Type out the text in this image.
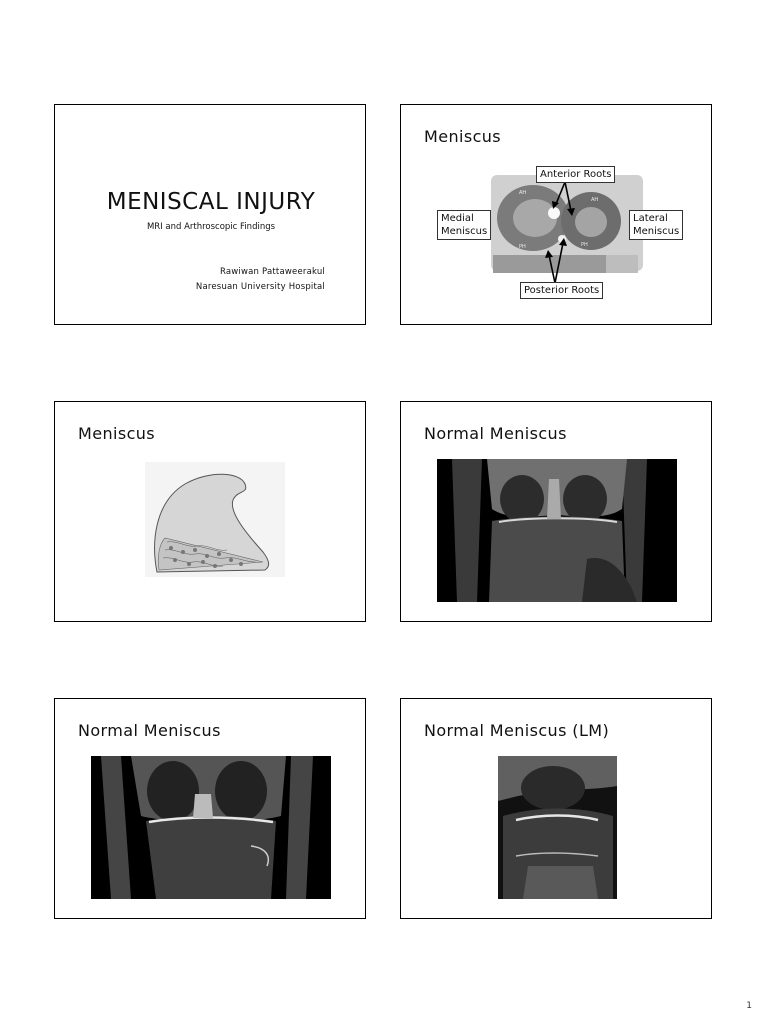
MENISCAL INJURY
MRI and Arthroscopic Findings
Rawiwan Pattaweerakul
Naresuan University Hospital
Meniscus
AH
AH
PH	PH
Anterior Roots
Posterior Roots
Medial
Meniscus
Lateral
Meniscus
Meniscus	Normal Meniscus
Normal Meniscus	Normal Meniscus (LM)
1
